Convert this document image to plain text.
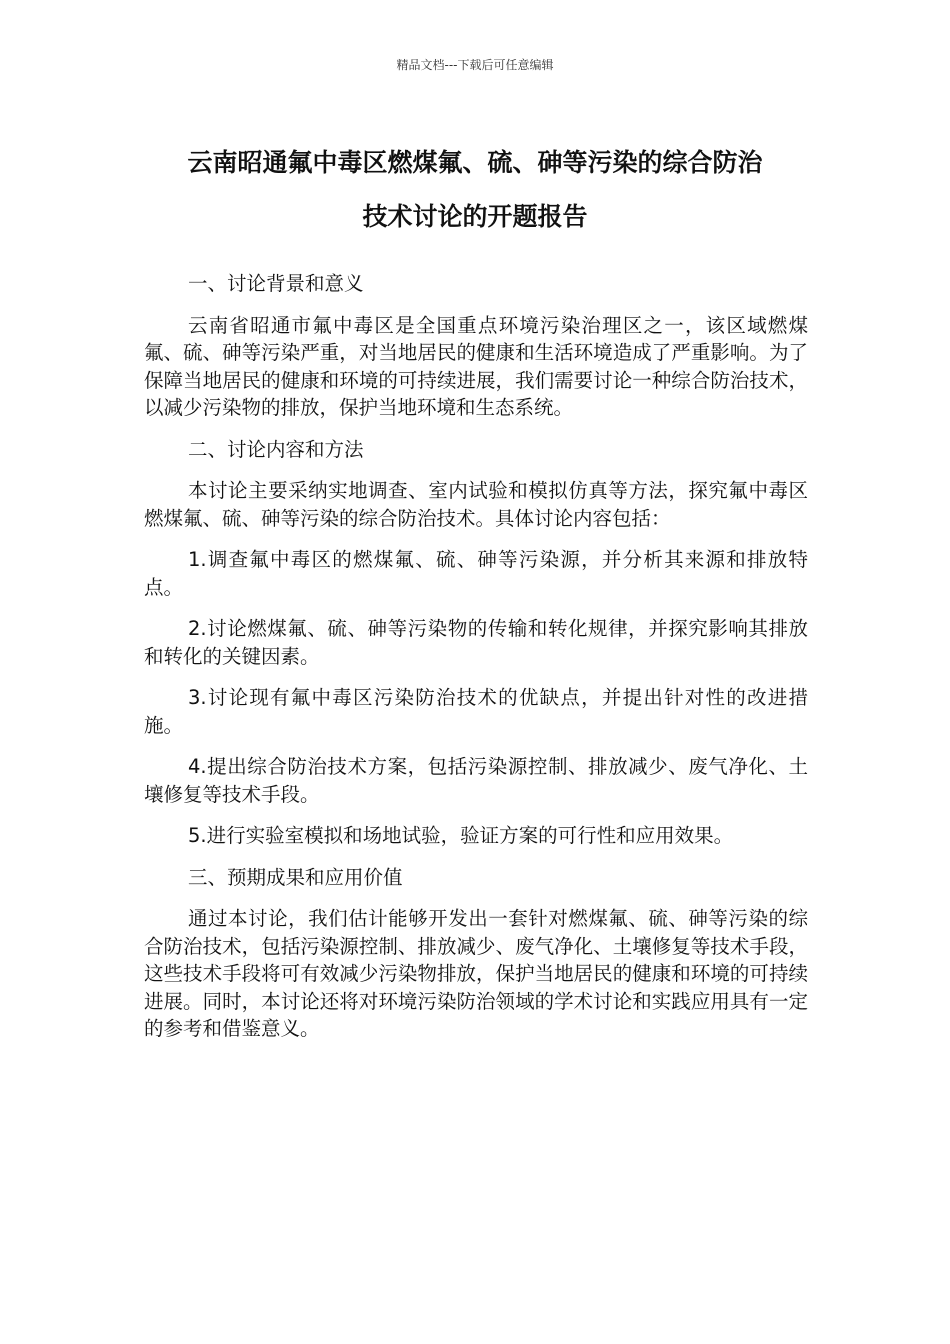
精品文档---下载后可任意编辑
云南昭通氟中毒区燃煤氟、硫、砷等污染的综合防治
技术讨论的开题报告

一、讨论背景和意义

云南省昭通市氟中毒区是全国重点环境污染治理区之一，该区域燃煤氟、硫、砷等污染严重，对当地居民的健康和生活环境造成了严重影响。为了保障当地居民的健康和环境的可持续进展，我们需要讨论一种综合防治技术，以减少污染物的排放，保护当地环境和生态系统。

二、讨论内容和方法

本讨论主要采纳实地调查、室内试验和模拟仿真等方法，探究氟中毒区燃煤氟、硫、砷等污染的综合防治技术。具体讨论内容包括：

1.调查氟中毒区的燃煤氟、硫、砷等污染源，并分析其来源和排放特点。

2.讨论燃煤氟、硫、砷等污染物的传输和转化规律，并探究影响其排放和转化的关键因素。

3.讨论现有氟中毒区污染防治技术的优缺点，并提出针对性的改进措施。

4.提出综合防治技术方案，包括污染源控制、排放减少、废气净化、土壤修复等技术手段。

5.进行实验室模拟和场地试验，验证方案的可行性和应用效果。

三、预期成果和应用价值

通过本讨论，我们估计能够开发出一套针对燃煤氟、硫、砷等污染的综合防治技术，包括污染源控制、排放减少、废气净化、土壤修复等技术手段，这些技术手段将可有效减少污染物排放，保护当地居民的健康和环境的可持续进展。同时，本讨论还将对环境污染防治领域的学术讨论和实践应用具有一定的参考和借鉴意义。
